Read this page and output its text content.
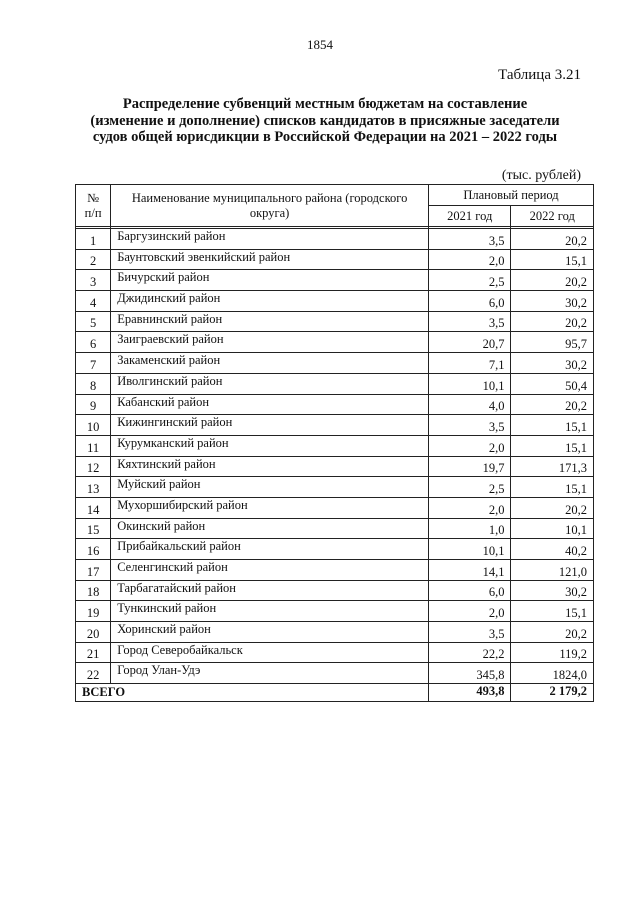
1854
Таблица 3.21
Распределение субвенций местным бюджетам на составление (изменение и дополнение) списков кандидатов в присяжные заседатели судов общей юрисдикции в Российской Федерации на 2021 – 2022 годы
(тыс. рублей)
№ п/п	Наименование муниципального района (городского округа)	Плановый период	
		2021 год	2022 год

1	Баргузинский район	3,5	20,2
2	Баунтовский эвенкийский район	2,0	15,1
3	Бичурский район	2,5	20,2
4	Джидинский район	6,0	30,2
5	Еравнинский район	3,5	20,2
6	Заиграевский район	20,7	95,7
7	Закаменский район	7,1	30,2
8	Иволгинский район	10,1	50,4
9	Кабанский район	4,0	20,2
10	Кижингинский район	3,5	15,1
11	Курумканский район	2,0	15,1
12	Кяхтинский район	19,7	171,3
13	Муйский район	2,5	15,1
14	Мухоршибирский район	2,0	20,2
15	Окинский район	1,0	10,1
16	Прибайкальский район	10,1	40,2
17	Селенгинский район	14,1	121,0
18	Тарбагатайский район	6,0	30,2
19	Тункинский район	2,0	15,1
20	Хоринский район	3,5	20,2
21	Город Северобайкальск	22,2	119,2
22	Город Улан-Удэ	345,8	1824,0
ВСЕГО		493,8	2 179,2
